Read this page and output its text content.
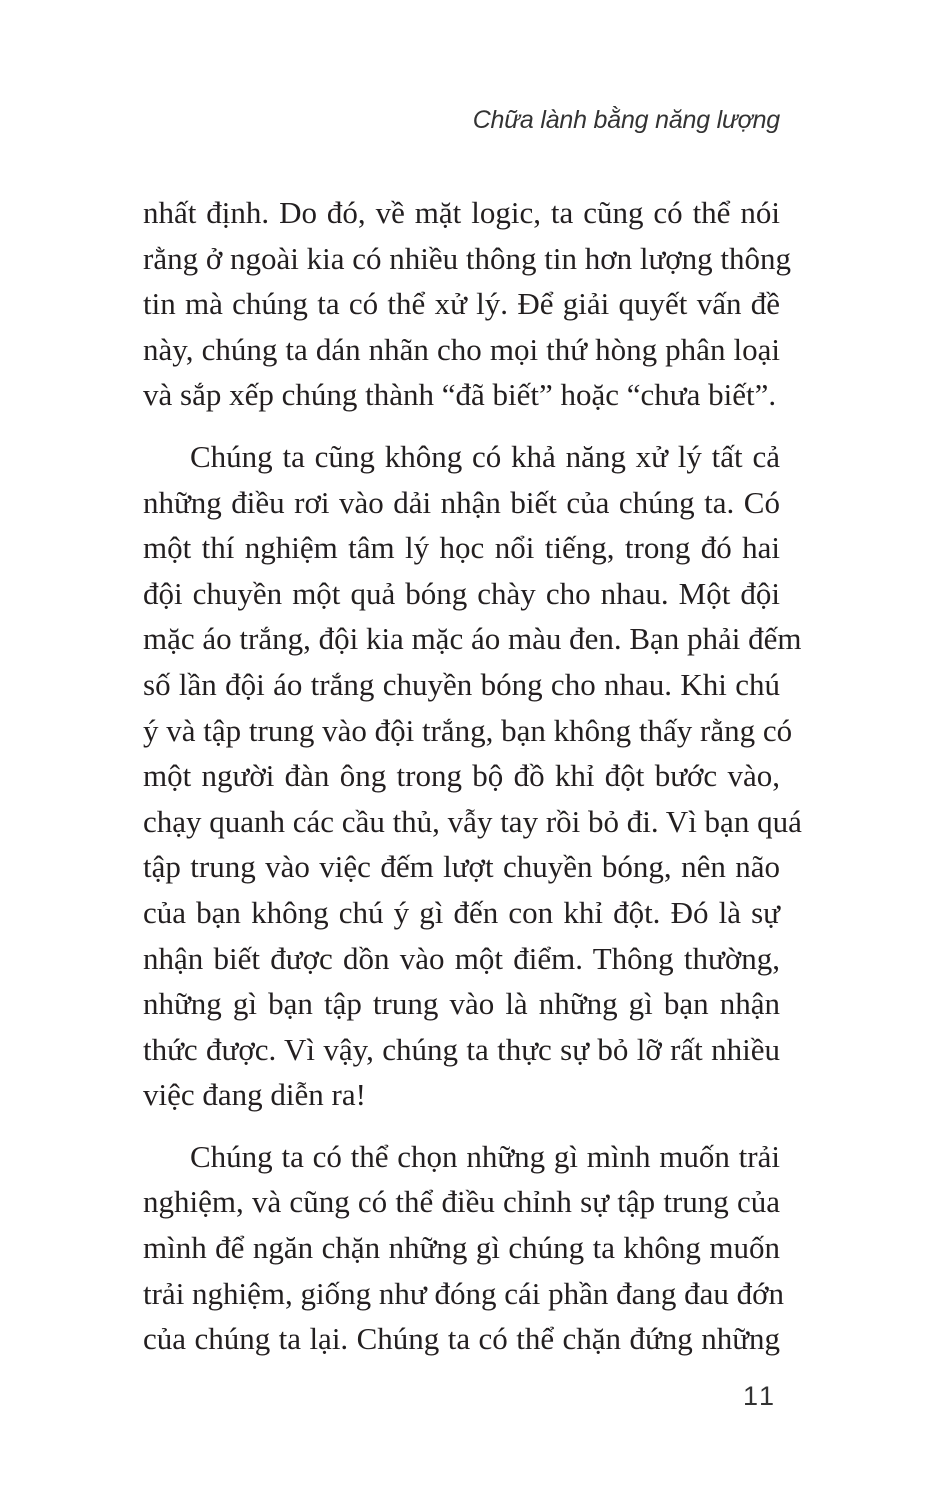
Chữa lành bằng năng lượng
nhất định. Do đó, về mặt logic, ta cũng có thể nói
rằng ở ngoài kia có nhiều thông tin hơn lượng thông
tin mà chúng ta có thể xử lý. Để giải quyết vấn đề
này, chúng ta dán nhãn cho mọi thứ hòng phân loại
và sắp xếp chúng thành “đã biết” hoặc “chưa biết”.
Chúng ta cũng không có khả năng xử lý tất cả
những điều rơi vào dải nhận biết của chúng ta. Có
một thí nghiệm tâm lý học nổi tiếng, trong đó hai
đội chuyền một quả bóng chày cho nhau. Một đội
mặc áo trắng, đội kia mặc áo màu đen. Bạn phải đếm
số lần đội áo trắng chuyền bóng cho nhau. Khi chú
ý và tập trung vào đội trắng, bạn không thấy rằng có
một người đàn ông trong bộ đồ khỉ đột bước vào,
chạy quanh các cầu thủ, vẫy tay rồi bỏ đi. Vì bạn quá
tập trung vào việc đếm lượt chuyền bóng, nên não
của bạn không chú ý gì đến con khỉ đột. Đó là sự
nhận biết được dồn vào một điểm. Thông thường,
những gì bạn tập trung vào là những gì bạn nhận
thức được. Vì vậy, chúng ta thực sự bỏ lỡ rất nhiều
việc đang diễn ra!
Chúng ta có thể chọn những gì mình muốn trải
nghiệm, và cũng có thể điều chỉnh sự tập trung của
mình để ngăn chặn những gì chúng ta không muốn
trải nghiệm, giống như đóng cái phần đang đau đớn
của chúng ta lại. Chúng ta có thể chặn đứng những
11
